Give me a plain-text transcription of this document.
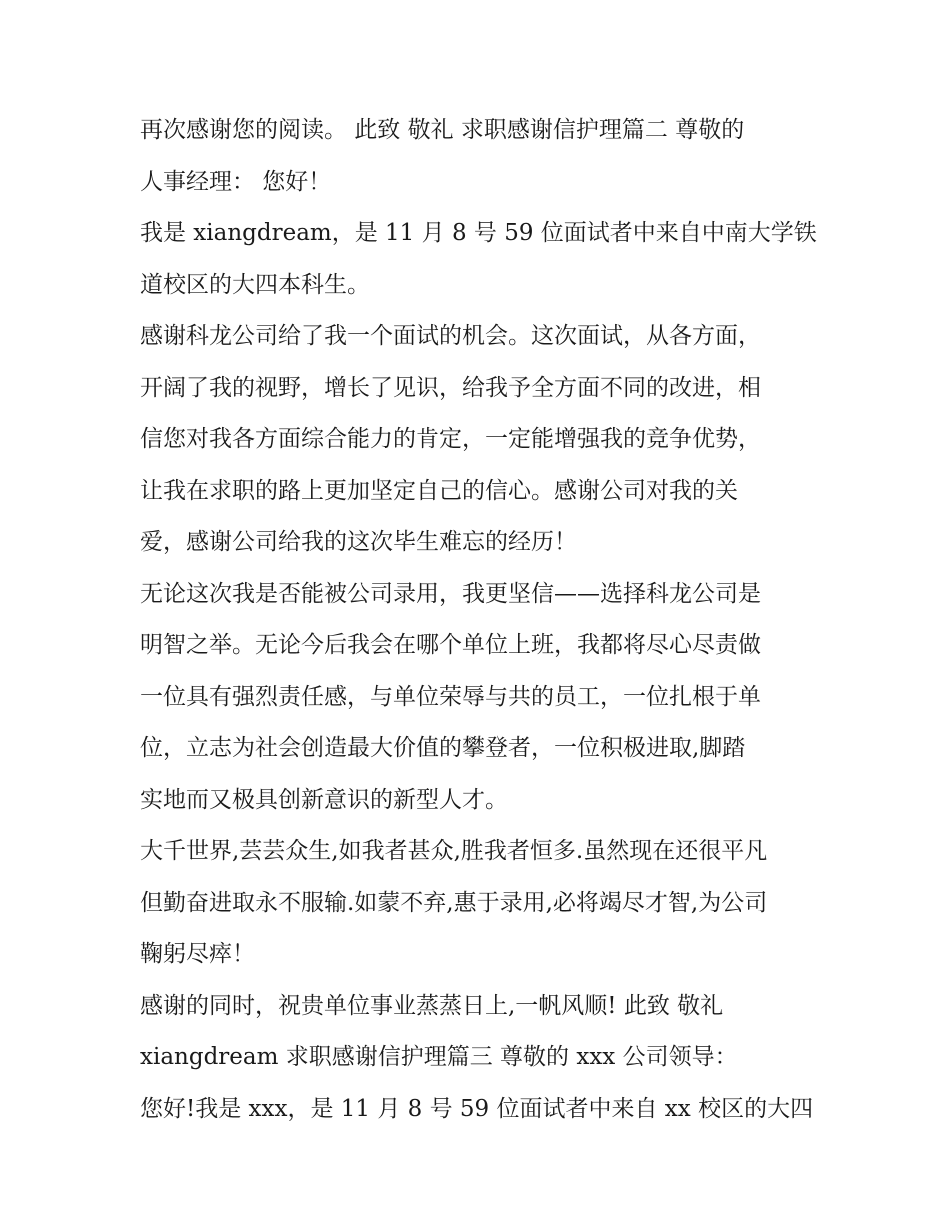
再次感谢您的阅读。 此致 敬礼 求职感谢信护理篇二 尊敬的
人事经理： 您好！

我是 xiangdream，是 11 月 8 号 59 位面试者中来自中南大学铁
道校区的大四本科生。

感谢科龙公司给了我一个面试的机会。这次面试，从各方面，
开阔了我的视野，增长了见识，给我予全方面不同的改进，相
信您对我各方面综合能力的肯定，一定能增强我的竞争优势，
让我在求职的路上更加坚定自己的信心。感谢公司对我的关
爱，感谢公司给我的这次毕生难忘的经历！

无论这次我是否能被公司录用，我更坚信——选择科龙公司是
明智之举。无论今后我会在哪个单位上班，我都将尽心尽责做
一位具有强烈责任感，与单位荣辱与共的员工，一位扎根于单
位，立志为社会创造最大价值的攀登者，一位积极进取,脚踏
实地而又极具创新意识的新型人才。

大千世界,芸芸众生,如我者甚众,胜我者恒多.虽然现在还很平凡
但勤奋进取永不服输.如蒙不弃,惠于录用,必将竭尽才智,为公司
鞠躬尽瘁！

感谢的同时，祝贵单位事业蒸蒸日上,一帆风顺! 此致 敬礼
xiangdream 求职感谢信护理篇三 尊敬的 xxx 公司领导：

您好!我是 xxx，是 11 月 8 号 59 位面试者中来自 xx 校区的大四
